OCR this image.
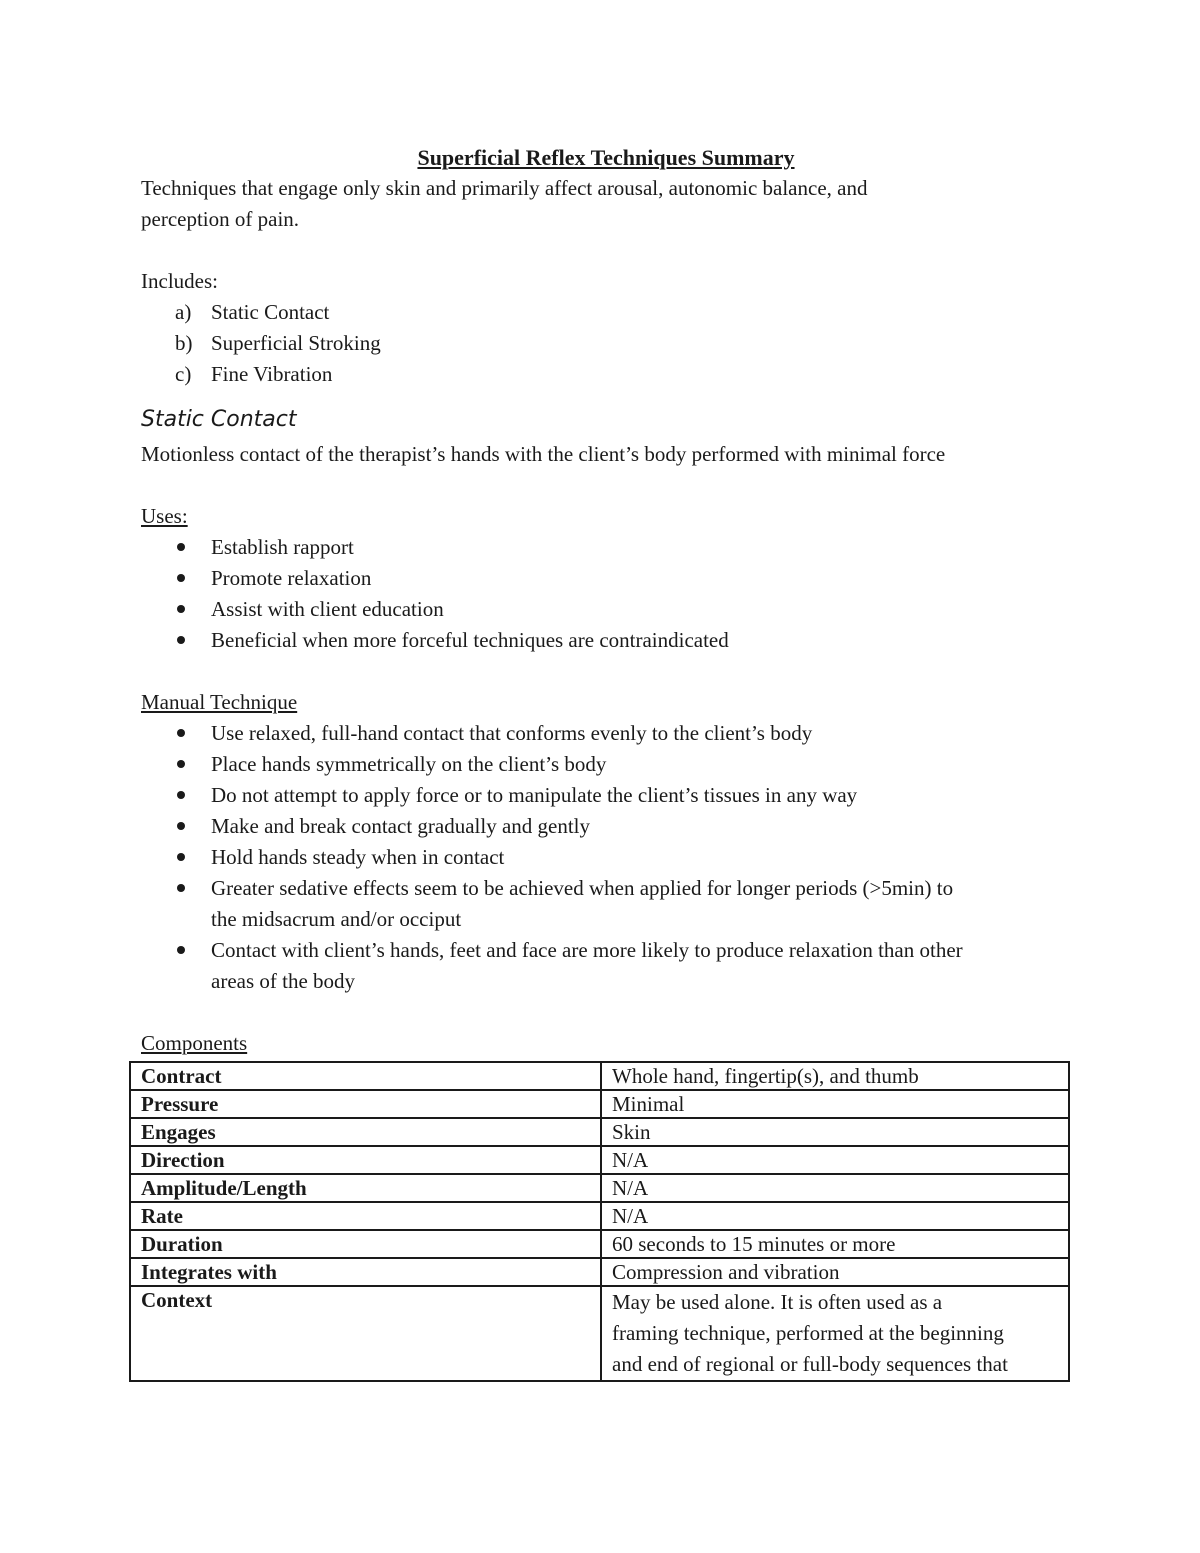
Superficial Reflex Techniques Summary

Techniques that engage only skin and primarily affect arousal, autonomic balance, and

perception of pain.

Includes:

a) Static Contact
b) Superficial Stroking
c) Fine Vibration
Static Contact

Motionless contact of the therapist’s hands with the client’s body performed with minimal force

Uses:

Establish rapport
Promote relaxation
Assist with client education
Beneficial when more forceful techniques are contraindicated

Manual Technique

Use relaxed, full-hand contact that conforms evenly to the client’s body
Place hands symmetrically on the client’s body
Do not attempt to apply force or to manipulate the client’s tissues in any way
Make and break contact gradually and gently
Hold hands steady when in contact
Greater sedative effects seem to be achieved when applied for longer periods (>5min) to
the midsacrum and/or occiput
Contact with client’s hands, feet and face are more likely to produce relaxation than other
areas of the body

Components

Contract	Whole hand, fingertip(s), and thumb
Pressure	Minimal
Engages	Skin
Direction	N/A
Amplitude/Length	N/A
Rate	N/A
Duration	60 seconds to 15 minutes or more
Integrates with	Compression and vibration
Context	May be used alone. It is often used as a
framing technique, performed at the beginning
and end of regional or full-body sequences that
